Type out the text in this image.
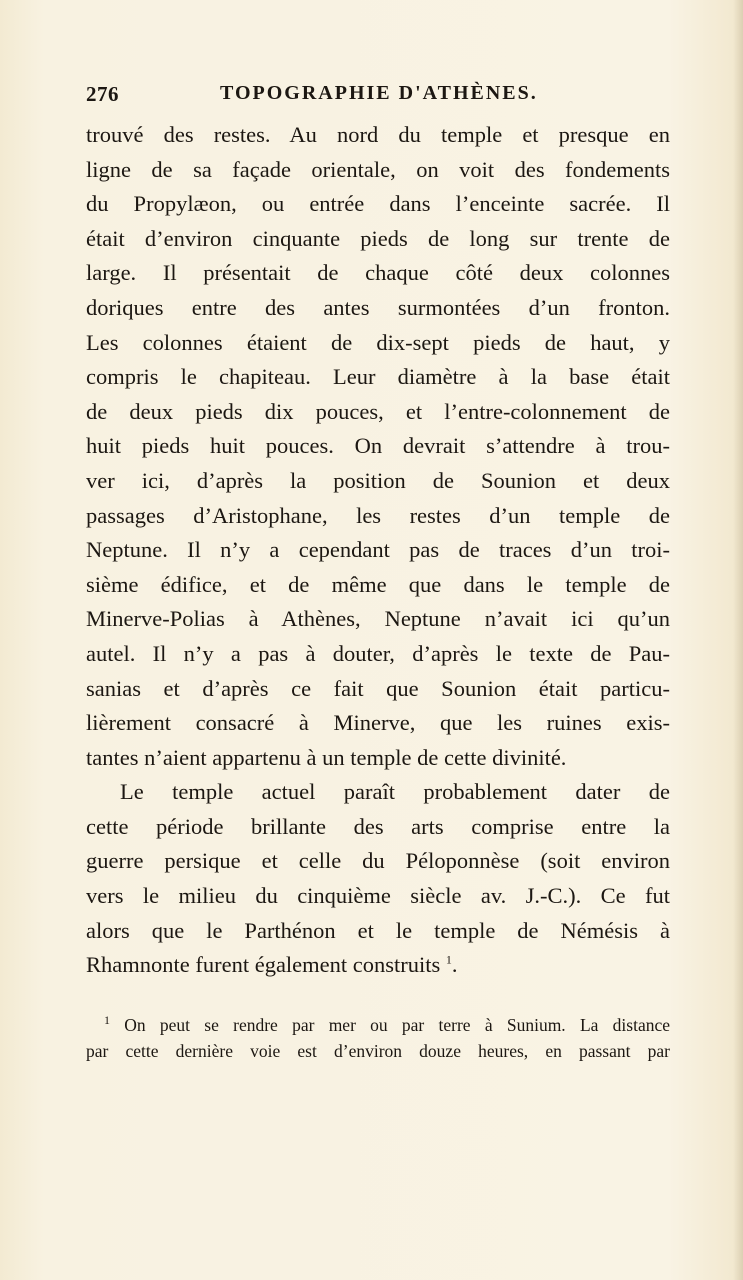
276	TOPOGRAPHIE D'ATHÈNES.
trouvé des restes. Au nord du temple et presque en
ligne de sa façade orientale, on voit des fondements
du Propylæon, ou entrée dans l’enceinte sacrée. Il
était d’environ cinquante pieds de long sur trente de
large. Il présentait de chaque côté deux colonnes
doriques entre des antes surmontées d’un fronton.
Les colonnes étaient de dix-sept pieds de haut, y
compris le chapiteau. Leur diamètre à la base était
de deux pieds dix pouces, et l’entre-colonnement de
huit pieds huit pouces. On devrait s’attendre à trou-
ver ici, d’après la position de Sounion et deux
passages d’Aristophane, les restes d’un temple de
Neptune. Il n’y a cependant pas de traces d’un troi-
sième édifice, et de même que dans le temple de
Minerve-Polias à Athènes, Neptune n’avait ici qu’un
autel. Il n’y a pas à douter, d’après le texte de Pau-
sanias et d’après ce fait que Sounion était particu-
lièrement consacré à Minerve, que les ruines exis-
tantes n’aient appartenu à un temple de cette divinité.
Le temple actuel paraît probablement dater de
cette période brillante des arts comprise entre la
guerre persique et celle du Péloponnèse (soit environ
vers le milieu du cinquième siècle av. J.-C.). Ce fut
alors que le Parthénon et le temple de Némésis à
Rhamnonte furent également construits $^1$.
$^1$ On peut se rendre par mer ou par terre à Sunium. La distance
par cette dernière voie est d’environ douze heures, en passant par
